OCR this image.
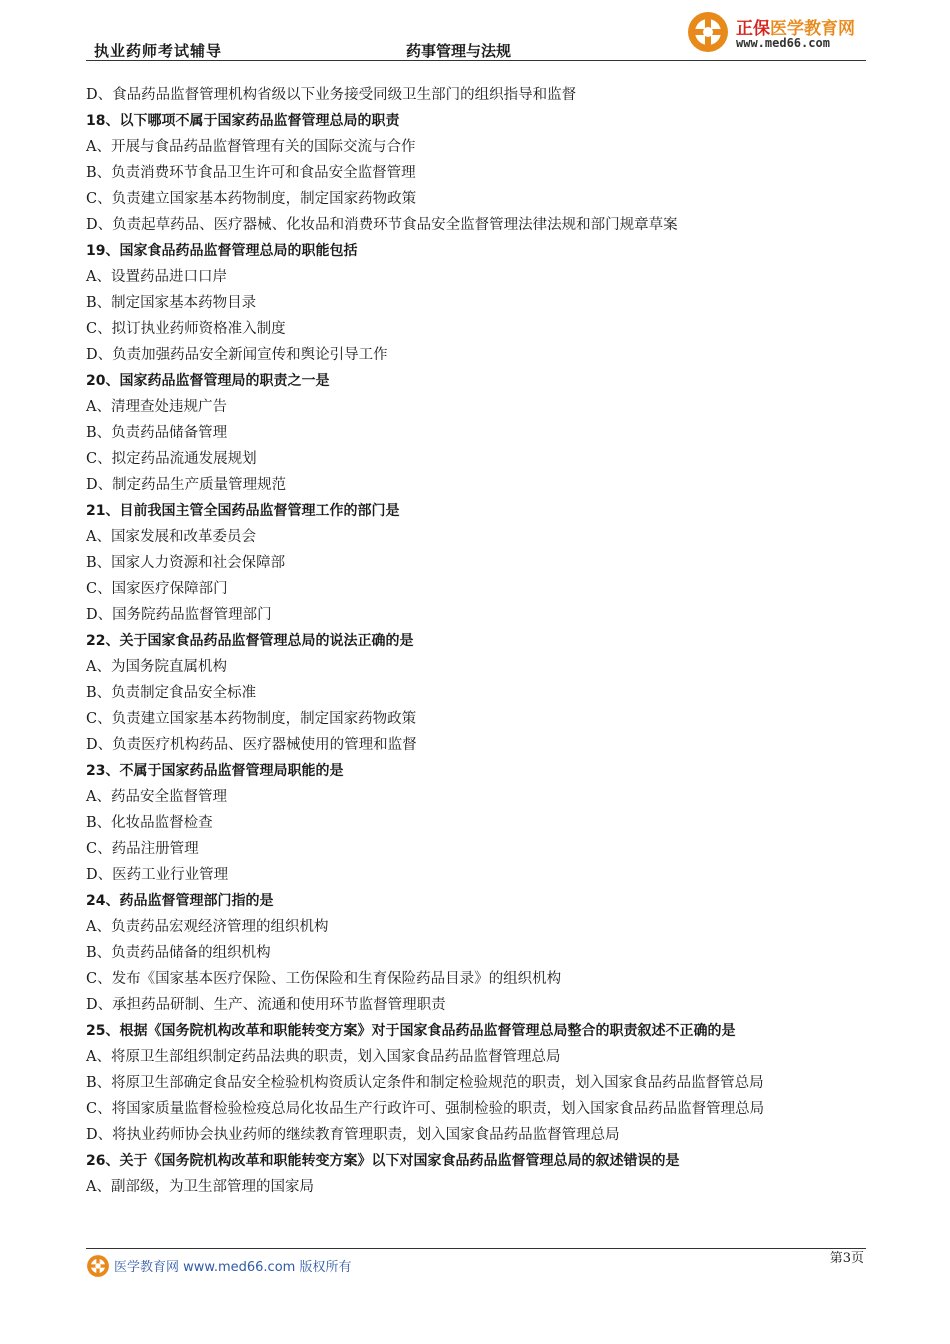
执业药师考试辅导	药事管理与法规
正保医学教育网
www.med66.com
D、食品药品监督管理机构省级以下业务接受同级卫生部门的组织指导和监督
18、以下哪项不属于国家药品监督管理总局的职责
A、开展与食品药品监督管理有关的国际交流与合作
B、负责消费环节食品卫生许可和食品安全监督管理
C、负责建立国家基本药物制度，制定国家药物政策
D、负责起草药品、医疗器械、化妆品和消费环节食品安全监督管理法律法规和部门规章草案
19、国家食品药品监督管理总局的职能包括
A、设置药品进口口岸
B、制定国家基本药物目录
C、拟订执业药师资格准入制度
D、负责加强药品安全新闻宣传和舆论引导工作
20、国家药品监督管理局的职责之一是
A、清理查处违规广告
B、负责药品储备管理
C、拟定药品流通发展规划
D、制定药品生产质量管理规范
21、目前我国主管全国药品监督管理工作的部门是
A、国家发展和改革委员会
B、国家人力资源和社会保障部
C、国家医疗保障部门
D、国务院药品监督管理部门
22、关于国家食品药品监督管理总局的说法正确的是
A、为国务院直属机构
B、负责制定食品安全标准
C、负责建立国家基本药物制度，制定国家药物政策
D、负责医疗机构药品、医疗器械使用的管理和监督
23、不属于国家药品监督管理局职能的是
A、药品安全监督管理
B、化妆品监督检查
C、药品注册管理
D、医药工业行业管理
24、药品监督管理部门指的是
A、负责药品宏观经济管理的组织机构
B、负责药品储备的组织机构
C、发布《国家基本医疗保险、工伤保险和生育保险药品目录》的组织机构
D、承担药品研制、生产、流通和使用环节监督管理职责
25、根据《国务院机构改革和职能转变方案》对于国家食品药品监督管理总局整合的职责叙述不正确的是
A、将原卫生部组织制定药品法典的职责，划入国家食品药品监督管理总局
B、将原卫生部确定食品安全检验机构资质认定条件和制定检验规范的职责，划入国家食品药品监督管总局
C、将国家质量监督检验检疫总局化妆品生产行政许可、强制检验的职责，划入国家食品药品监督管理总局
D、将执业药师协会执业药师的继续教育管理职责，划入国家食品药品监督管理总局
26、关于《国务院机构改革和职能转变方案》以下对国家食品药品监督管理总局的叙述错误的是
A、副部级，为卫生部管理的国家局
医学教育网 www.med66.com 版权所有
第3页
